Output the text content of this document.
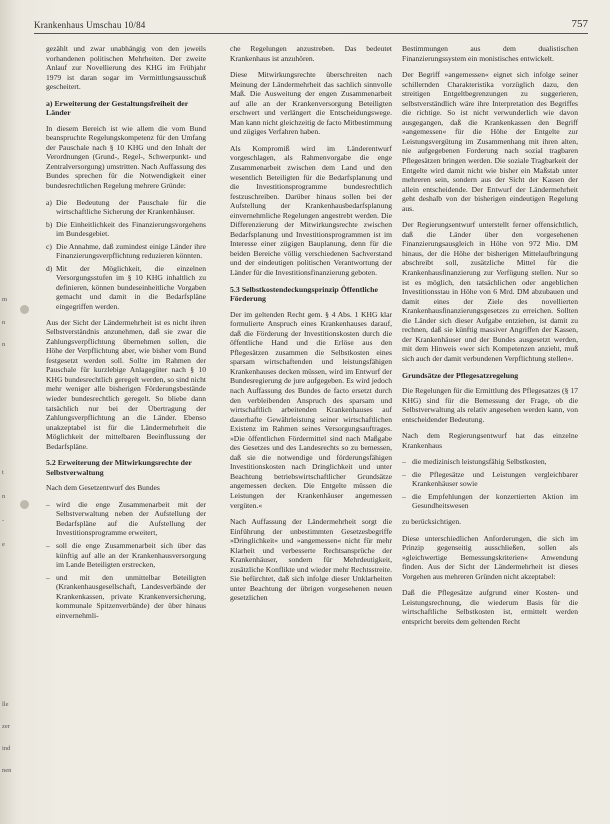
m
n
n
t
n
-
e
lle
zer
ind
nen
Krankenhaus Umschau 10/84	757

gezählt und zwar unabhängig von den jeweils vorhandenen politischen Mehrheiten. Der zweite Anlauf zur Novellierung des KHG im Frühjahr 1979 ist daran sogar im Vermittlungsausschuß gescheitert.

a) Erweiterung der Gestaltungsfreiheit der Länder

In diesem Bereich ist wie allem die vom Bund beanspruchte Regelungskompetenz für den Umfang der Pauschale nach § 10 KHG und den Inhalt der Verordnungen (Grund-, Regel-, Schwerpunkt- und Zentralversorgung) umstritten. Nach Auffassung des Bundes sprechen für die Notwendigkeit einer bundesrechtlichen Regelung mehrere Gründe:

a) Die Bedeutung der Pauschale für die wirtschaftliche Sicherung der Krankenhäuser.
b) Die Einheitlichkeit des Finanzierungsvorgehens im Bundesgebiet.
c) Die Annahme, daß zumindest einige Länder ihre Finanzierungsverpflichtung reduzieren könnten.
d) Mit der Möglichkeit, die einzelnen Versorgungsstufen im § 10 KHG inhaltlich zu definieren, können bundeseinheitliche Vorgaben gemacht und damit in die Bedarfspläne eingegriffen werden.

Aus der Sicht der Ländermehrheit ist es nicht ihren Selbstverständnis anzunehmen, daß sie zwar die Zahlungsverpflichtung übernehmen sollen, die Höhe der Verpflichtung aber, wie bisher vom Bund festgesetzt werden soll. Sollte im Rahmen der Pauschale für kurzlebige Anlagegüter nach § 10 KHG bundesrechtlich geregelt werden, so sind nicht mehr weniger alle bisherigen Förderungsbestände wieder bundesrechtlich geregelt. So bliebe dann tatsächlich nur bei der Übertragung der Zahlungsverpflichtung an die Länder. Ebenso unakzeptabel ist für die Ländermehrheit die Möglichkeit der mittelbaren Beeinflussung der Bedarfspläne.

5.2 Erweiterung der Mitwirkungsrechte der Selbstverwaltung

Nach dem Gesetzentwurf des Bundes

– wird die enge Zusammenarbeit mit der Selbstverwaltung neben der Aufstellung der Bedarfspläne auf die Aufstellung der Investitionsprogramme erweitert,
– soll die enge Zusammenarbeit sich über das künftig auf alle an der Krankenhausversorgung im Lande Beteiligten erstrecken,
– und mit den unmittelbar Beteiligten (Krankenhausgesellschaft, Landesverbände der Krankenkassen, private Krankenversicherung, kommunale Spitzenverbände) der über hinaus einvernehmli-

che Regelungen anzustreben. Das bedeutet Krankenhaus ist anzuhören.

Diese Mitwirkungsrechte überschreiten nach Meinung der Ländermehrheit das sachlich sinnvolle Maß. Die Ausweitung der engen Zusammenarbeit auf alle an der Krankenversorgung Beteiligten erschwert und verlängert die Entscheidungswege. Man kann nicht gleichzeitig de facto Mitbestimmung und zügiges Verfahren haben.

Als Kompromiß wird im Länderentwurf vorgeschlagen, als Rahmenvorgabe die enge Zusammenarbeit zwischen dem Land und den wesentlich Beteiligten für die Bedarfsplanung und die Investitionsprogramme bundesrechtlich festzuschreiben. Darüber hinaus sollen bei der Aufstellung der Krankenhausbedarfsplanung einvernehmliche Regelungen angestrebt werden. Die Differenzierung der Mitwirkungsrechte zwischen Bedarfsplanung und Investitionsprogrammen ist im Interesse einer zügigen Bauplanung, denn für die beiden Bereiche völlig verschiedenen Sachverstand und der eindeutigen politischen Verantwortung der Länder für die Investitionsfinanzierung geboten.

5.3 Selbstkostendeckungsprinzip Öffentliche Förderung

Der im geltenden Recht gem. § 4 Abs. 1 KHG klar formulierte Anspruch eines Krankenhauses darauf, daß die Förderung der Investitionskosten durch die öffentliche Hand und die Erlöse aus den Pflegesätzen zusammen die Selbstkosten eines sparsam wirtschaftenden und leistungsfähigen Krankenhauses decken müssen, wird im Entwurf der Bundesregierung de jure aufgegeben. Es wird jedoch nach Auffassung des Bundes de facto ersetzt durch den verbleibenden Anspruch des sparsam und wirtschaftlich arbeitenden Krankenhauses auf dauerhafte Gewährleistung seiner wirtschaftlichen Existenz im Rahmen seines Versorgungsauftrages. »Die öffentlichen Fördermittel sind nach Maßgabe des Gesetzes und des Landesrechts so zu bemessen, daß sie die notwendige und förderungsfähigen Investitionskosten nach Dringlichkeit und unter Beachtung betriebswirtschaftlicher Grundsätze angemessen decken. Die Entgelte müssen die Leistungen der Krankenhäuser angemessen vergüten.«

Nach Auffassung der Ländermehrheit sorgt die Einführung der unbestimmten Gesetzesbegriffe »Dringlichkeit« und »angemessen« nicht für mehr Klarheit und verbesserte Rechtsansprüche der Krankenhäuser, sondern für Mehrdeutigkeit, zusätzliche Konflikte und wieder mehr Rechtsstreite. Sie befürchtet, daß sich infolge dieser Unklarheiten unter Beachtung der übrigen vorgesehenen neuen gesetzlichen

Bestimmungen aus dem dualistischen Finanzierungssystem ein monistisches entwickelt.

Der Begriff »angemessen« eignet sich infolge seiner schillernden Charakteristika vorzüglich dazu, den streitigen Entgeltbegrenzungen zu suggerieren, selbstverständlich wäre ihre Interpretation des Begriffes die richtige. So ist nicht verwunderlich wie davon ausgegangen, daß die Krankenkassen den Begriff »angemessen« für die Höhe der Entgelte zur Leistungsvergütung im Zusammenhang mit ihren alten, nie aufgegebenen Forderung nach sozial tragbaren Pflegesätzen bringen werden. Die soziale Tragbarkeit der Entgelte wird damit nicht wie bisher ein Maßstab unter mehreren sein, sondern aus der Sicht der Kassen der allein entscheidende. Der Entwurf der Ländermehrheit geht deshalb von der bisherigen eindeutigen Regelung aus.

Der Regierungsentwurf unterstellt ferner offensichtlich, daß die Länder über den vorgesehenen Finanzierungsausgleich in Höhe von 972 Mio. DM hinaus, der die Höhe der bisherigen Mittelaufbringung abschreibt soll, zusätzliche Mittel für die Krankenhausfinanzierung zur Verfügung stellen. Nur so ist es möglich, den tatsächlichen oder angeblichen Investitionsstau in Höhe von 6 Mrd. DM abzubauen und damit eines der Ziele des novellierten Krankenhausfinanzierungsgesetzes zu erreichen. Sollten die Länder sich dieser Aufgabe entziehen, ist damit zu rechnen, daß sie künftig massiver Angriffen der Kassen, der Krankenhäuser und der Bundes ausgesetzt werden, mit dem Hinweis »wer sich Kompetenzen anzieht, muß sich auch der damit verbundenen Verpflichtung stellen«.

Grundsätze der Pflegesatzregelung

Die Regelungen für die Ermittlung des Pflegesatzes (§ 17 KHG) sind für die Bemessung der Frage, ob die Selbstverwaltung als relativ angesehen werden kann, von entscheidender Bedeutung.

Nach dem Regierungsentwurf hat das einzelne Krankenhaus

– die medizinisch leistungsfähig Selbstkosten,
– die Pflegesätze und Leistungen vergleichbarer Krankenhäuser sowie
– die Empfehlungen der konzertierten Aktion im Gesundheitswesen

zu berücksichtigen.

Diese unterschiedlichen Anforderungen, die sich im Prinzip gegenseitig ausschließen, sollen als »gleichwertige Bemessungskriterien« Anwendung finden. Aus der Sicht der Ländermehrheit ist dieses Vorgehen aus mehreren Gründen nicht akzeptabel:

Daß die Pflegesätze aufgrund einer Kosten- und Leistungsrechnung, die wiederum Basis für die wirtschaftliche Selbstkosten ist, ermittelt werden entspricht bereits dem geltenden Recht
